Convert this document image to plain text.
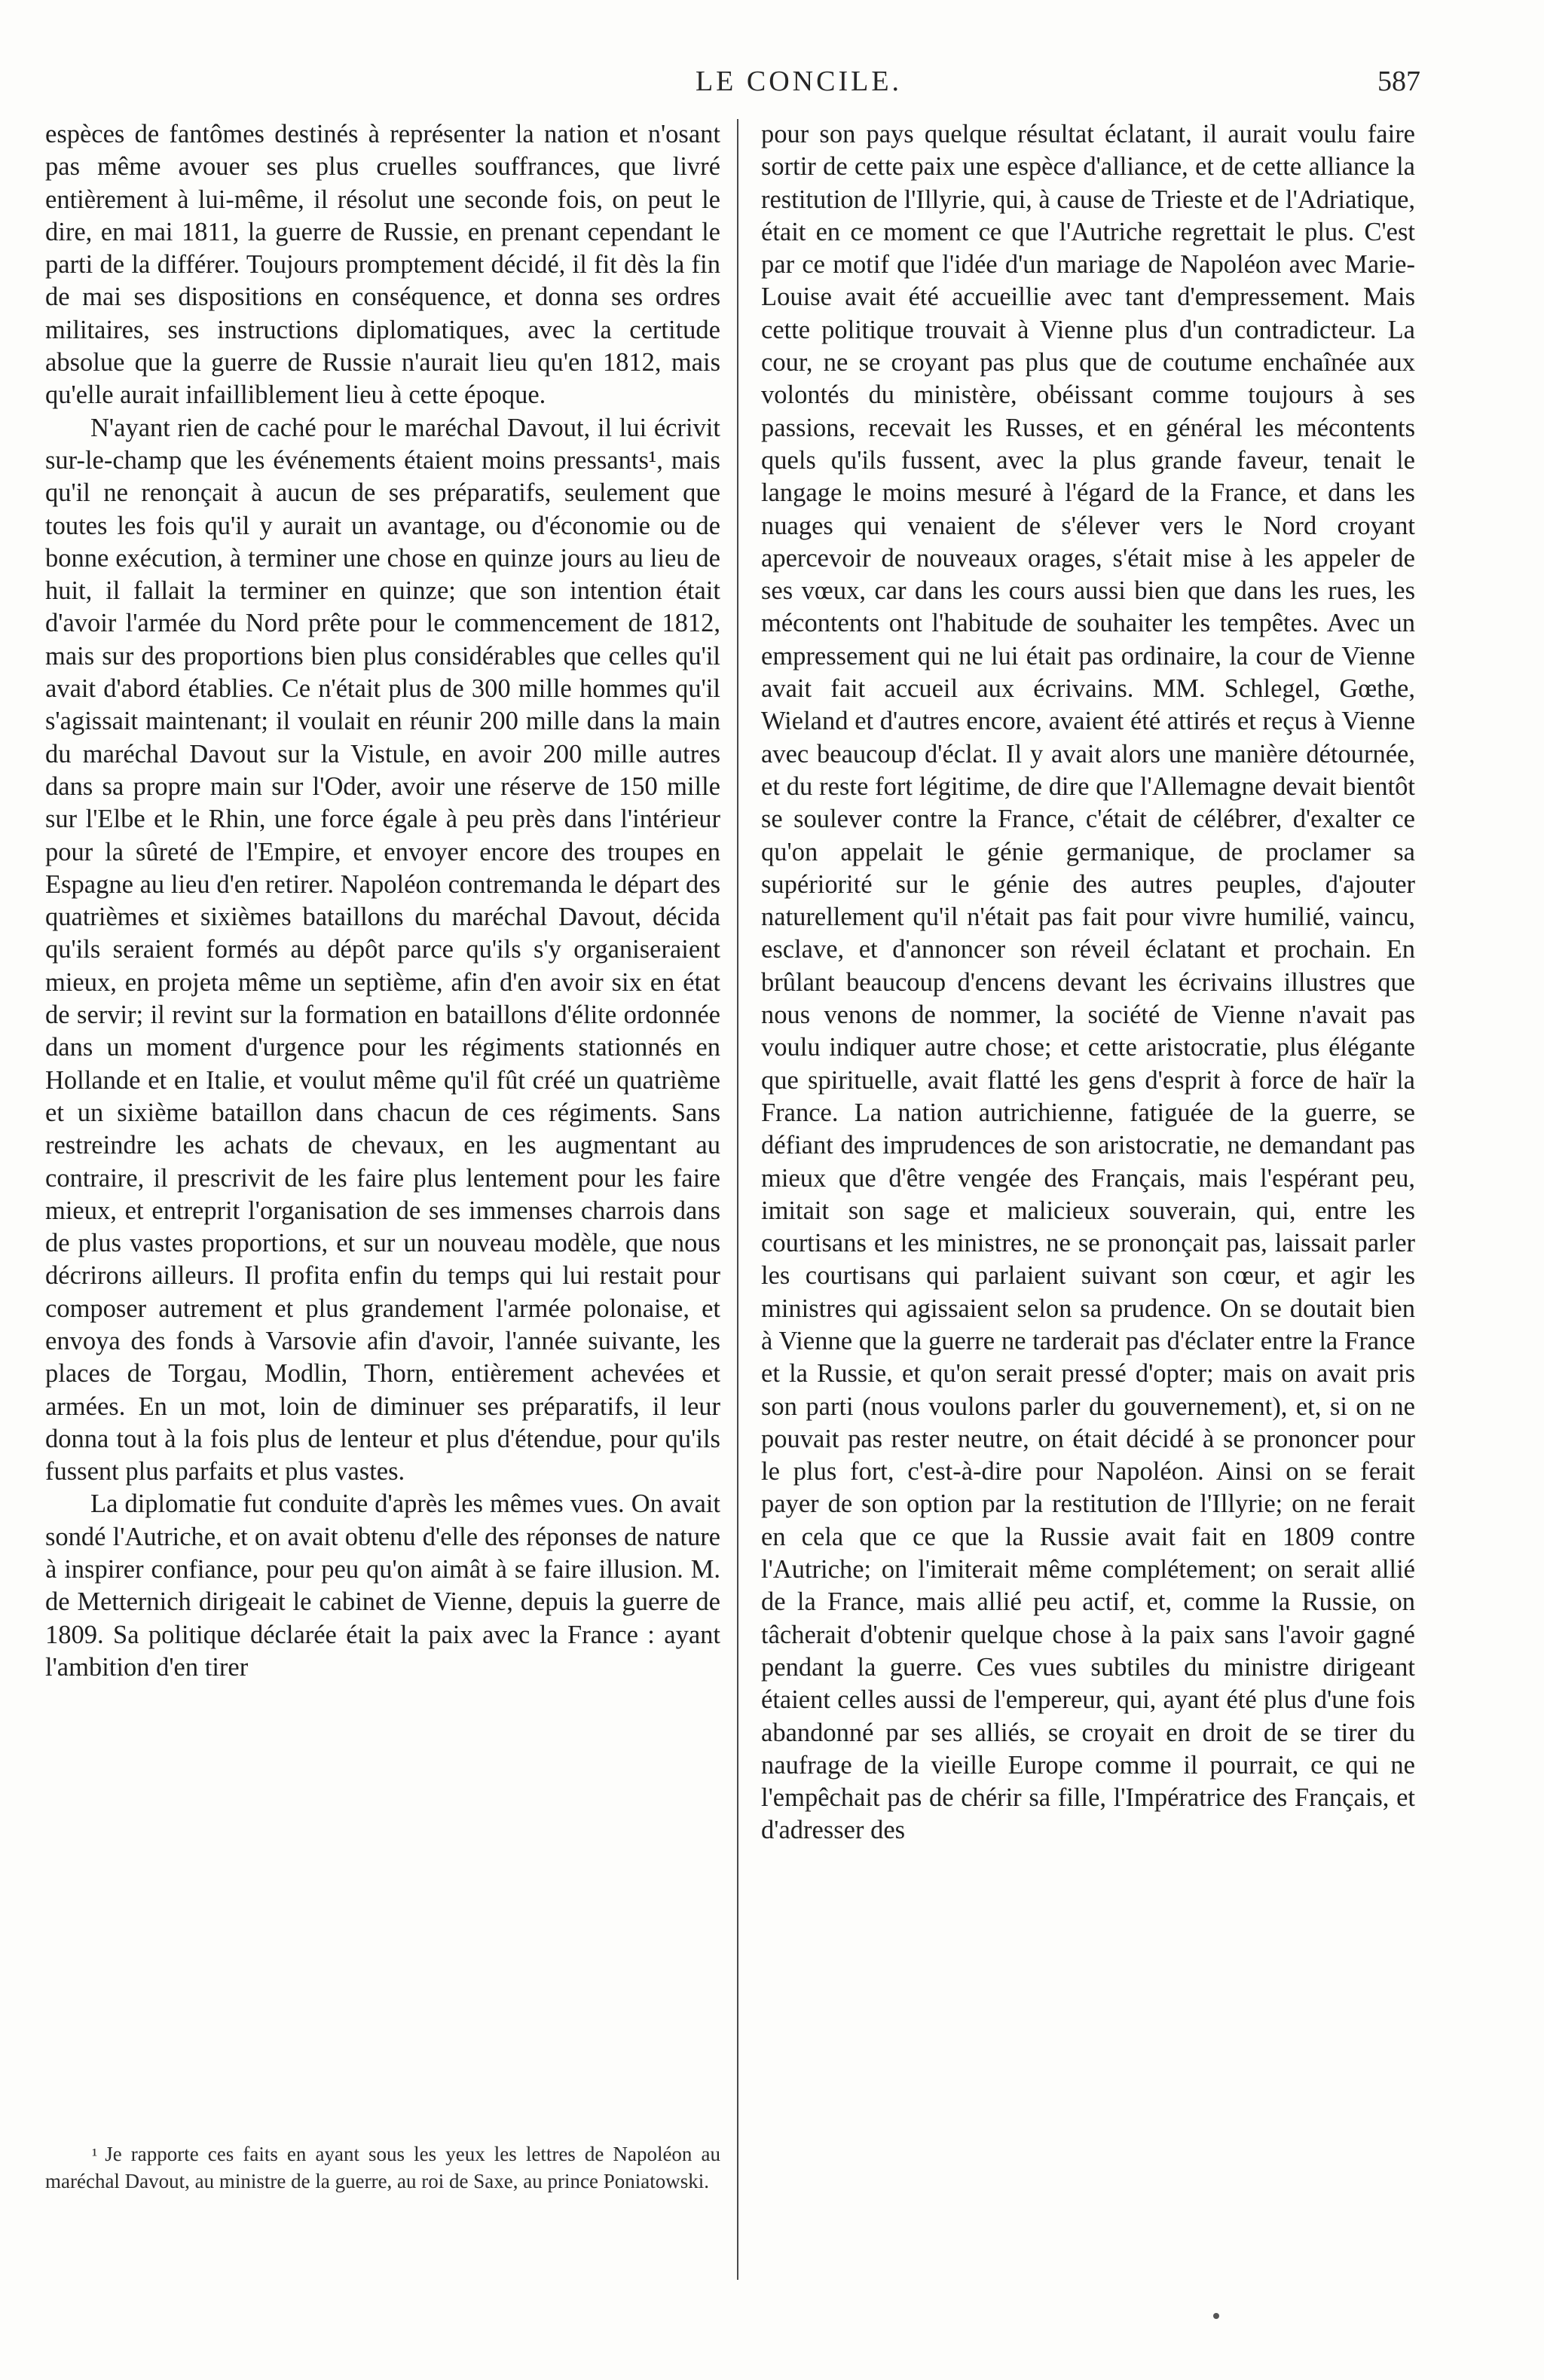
LE CONCILE.	587

espèces de fantômes destinés à représenter la nation et n'osant pas même avouer ses plus cruelles souffrances, que livré entièrement à lui-même, il résolut une seconde fois, on peut le dire, en mai 1811, la guerre de Russie, en prenant cependant le parti de la différer. Toujours promptement décidé, il fit dès la fin de mai ses dispositions en conséquence, et donna ses ordres militaires, ses instructions diplomatiques, avec la certitude absolue que la guerre de Russie n'aurait lieu qu'en 1812, mais qu'elle aurait infailliblement lieu à cette époque.

N'ayant rien de caché pour le maréchal Davout, il lui écrivit sur-le-champ que les événements étaient moins pressants¹, mais qu'il ne renonçait à aucun de ses préparatifs, seulement que toutes les fois qu'il y aurait un avantage, ou d'économie ou de bonne exécution, à terminer une chose en quinze jours au lieu de huit, il fallait la terminer en quinze; que son intention était d'avoir l'armée du Nord prête pour le commencement de 1812, mais sur des proportions bien plus considérables que celles qu'il avait d'abord établies. Ce n'était plus de 300 mille hommes qu'il s'agissait maintenant; il voulait en réunir 200 mille dans la main du maréchal Davout sur la Vistule, en avoir 200 mille autres dans sa propre main sur l'Oder, avoir une réserve de 150 mille sur l'Elbe et le Rhin, une force égale à peu près dans l'intérieur pour la sûreté de l'Empire, et envoyer encore des troupes en Espagne au lieu d'en retirer. Napoléon contremanda le départ des quatrièmes et sixièmes bataillons du maréchal Davout, décida qu'ils seraient formés au dépôt parce qu'ils s'y organiseraient mieux, en projeta même un septième, afin d'en avoir six en état de servir; il revint sur la formation en bataillons d'élite ordonnée dans un moment d'urgence pour les régiments stationnés en Hollande et en Italie, et voulut même qu'il fût créé un quatrième et un sixième bataillon dans chacun de ces régiments. Sans restreindre les achats de chevaux, en les augmentant au contraire, il prescrivit de les faire plus lentement pour les faire mieux, et entreprit l'organisation de ses immenses charrois dans de plus vastes proportions, et sur un nouveau modèle, que nous décrirons ailleurs. Il profita enfin du temps qui lui restait pour composer autrement et plus grandement l'armée polonaise, et envoya des fonds à Varsovie afin d'avoir, l'année suivante, les places de Torgau, Modlin, Thorn, entièrement achevées et armées. En un mot, loin de diminuer ses préparatifs, il leur donna tout à la fois plus de lenteur et plus d'étendue, pour qu'ils fussent plus parfaits et plus vastes.

La diplomatie fut conduite d'après les mêmes vues. On avait sondé l'Autriche, et on avait obtenu d'elle des réponses de nature à inspirer confiance, pour peu qu'on aimât à se faire illusion. M. de Metternich dirigeait le cabinet de Vienne, depuis la guerre de 1809. Sa politique déclarée était la paix avec la France : ayant l'ambition d'en tirer

pour son pays quelque résultat éclatant, il aurait voulu faire sortir de cette paix une espèce d'alliance, et de cette alliance la restitution de l'Illyrie, qui, à cause de Trieste et de l'Adriatique, était en ce moment ce que l'Autriche regrettait le plus. C'est par ce motif que l'idée d'un mariage de Napoléon avec Marie-Louise avait été accueillie avec tant d'empressement. Mais cette politique trouvait à Vienne plus d'un contradicteur. La cour, ne se croyant pas plus que de coutume enchaînée aux volontés du ministère, obéissant comme toujours à ses passions, recevait les Russes, et en général les mécontents quels qu'ils fussent, avec la plus grande faveur, tenait le langage le moins mesuré à l'égard de la France, et dans les nuages qui venaient de s'élever vers le Nord croyant apercevoir de nouveaux orages, s'était mise à les appeler de ses vœux, car dans les cours aussi bien que dans les rues, les mécontents ont l'habitude de souhaiter les tempêtes. Avec un empressement qui ne lui était pas ordinaire, la cour de Vienne avait fait accueil aux écrivains. MM. Schlegel, Gœthe, Wieland et d'autres encore, avaient été attirés et reçus à Vienne avec beaucoup d'éclat. Il y avait alors une manière détournée, et du reste fort légitime, de dire que l'Allemagne devait bientôt se soulever contre la France, c'était de célébrer, d'exalter ce qu'on appelait le génie germanique, de proclamer sa supériorité sur le génie des autres peuples, d'ajouter naturellement qu'il n'était pas fait pour vivre humilié, vaincu, esclave, et d'annoncer son réveil éclatant et prochain. En brûlant beaucoup d'encens devant les écrivains illustres que nous venons de nommer, la société de Vienne n'avait pas voulu indiquer autre chose; et cette aristocratie, plus élégante que spirituelle, avait flatté les gens d'esprit à force de haïr la France. La nation autrichienne, fatiguée de la guerre, se défiant des imprudences de son aristocratie, ne demandant pas mieux que d'être vengée des Français, mais l'espérant peu, imitait son sage et malicieux souverain, qui, entre les courtisans et les ministres, ne se prononçait pas, laissait parler les courtisans qui parlaient suivant son cœur, et agir les ministres qui agissaient selon sa prudence. On se doutait bien à Vienne que la guerre ne tarderait pas d'éclater entre la France et la Russie, et qu'on serait pressé d'opter; mais on avait pris son parti (nous voulons parler du gouvernement), et, si on ne pouvait pas rester neutre, on était décidé à se prononcer pour le plus fort, c'est-à-dire pour Napoléon. Ainsi on se ferait payer de son option par la restitution de l'Illyrie; on ne ferait en cela que ce que la Russie avait fait en 1809 contre l'Autriche; on l'imiterait même complétement; on serait allié de la France, mais allié peu actif, et, comme la Russie, on tâcherait d'obtenir quelque chose à la paix sans l'avoir gagné pendant la guerre. Ces vues subtiles du ministre dirigeant étaient celles aussi de l'empereur, qui, ayant été plus d'une fois abandonné par ses alliés, se croyait en droit de se tirer du naufrage de la vieille Europe comme il pourrait, ce qui ne l'empêchait pas de chérir sa fille, l'Impératrice des Français, et d'adresser des

¹ Je rapporte ces faits en ayant sous les yeux les lettres de Napoléon au maréchal Davout, au ministre de la guerre, au roi de Saxe, au prince Poniatowski.
